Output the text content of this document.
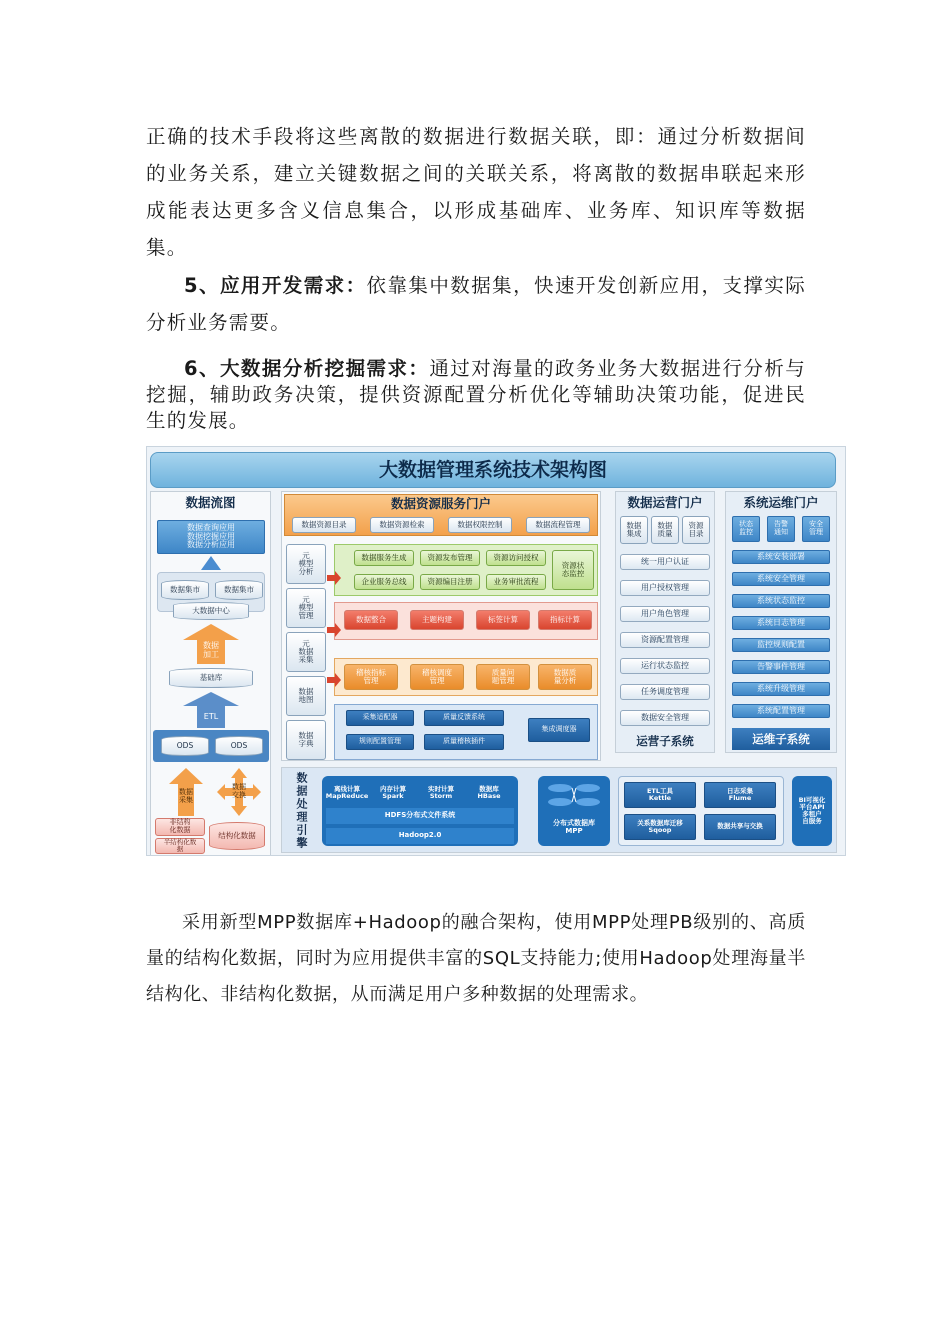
正确的技术手段将这些离散的数据进行数据关联，即：通过分析数据间的业务关系，建立关键数据之间的关联关系，将离散的数据串联起来形成能表达更多含义信息集合，以形成基础库、业务库、知识库等数据集。
5、应用开发需求：依靠集中数据集，快速开发创新应用，支撑实际分析业务需要。
6、大数据分析挖掘需求：通过对海量的政务业务大数据进行分析与挖掘，辅助政务决策，提供资源配置分析优化等辅助决策功能，促进民生的发展。
大数据管理系统技术架构图
数据流图
数据查询应用
数据挖掘应用
数据分析应用
数据集市	数据集市
大数据中心
数据
加工
基础库
ETL
ODS	ODS
数据
采集
数据
交换
非结构
化数据
半结构化数
据
结构化数据
数据资源服务门户
数据资源目录	数据资源检索	数据权限控制	数据流程管理
元
模型
分析
元
模型
管理
元
数据
采集
数据
地图
数据
字典
数据服务生成	资源发布管理	资源访问授权
企业服务总线	资源编目注册	业务审批流程
资源状
态监控
数据整合	主题构建	标签计算	指标计算
稽核指标
管理
稽核调度
管理
质量问
题管理
数据质
量分析
采集适配器	质量反馈系统
规则配置管理	质量稽核插件
集成调度器
数据运营门户
数据
集成
数据
质量
资源
目录
统一用户认证
用户授权管理
用户角色管理
资源配置管理
运行状态监控
任务调度管理
数据安全管理
运营子系统
系统运维门户
状态
监控
告警
通知
安全
管理
系统安装部署
系统安全管理
系统状态监控
系统日志管理
监控规则配置
告警事件管理
系统升级管理
系统配置管理
运维子系统
数据处理引擎	离线计算
MapReduce
内存计算
Spark
实时计算
Storm
数据库
HBase
HDFS分布式文件系统
Hadoop2.0
分布式数据库
MPP
ETL工具
Kettle
日志采集
Flume
关系数据库迁移
Sqoop	数据共享与交换
BI可视化
平台API
多租户
自服务
采用新型MPP数据库+Hadoop的融合架构，使用MPP处理PB级别的、高质量的结构化数据，同时为应用提供丰富的SQL支持能力;使用Hadoop处理海量半结构化、非结构化数据，从而满足用户多种数据的处理需求。
